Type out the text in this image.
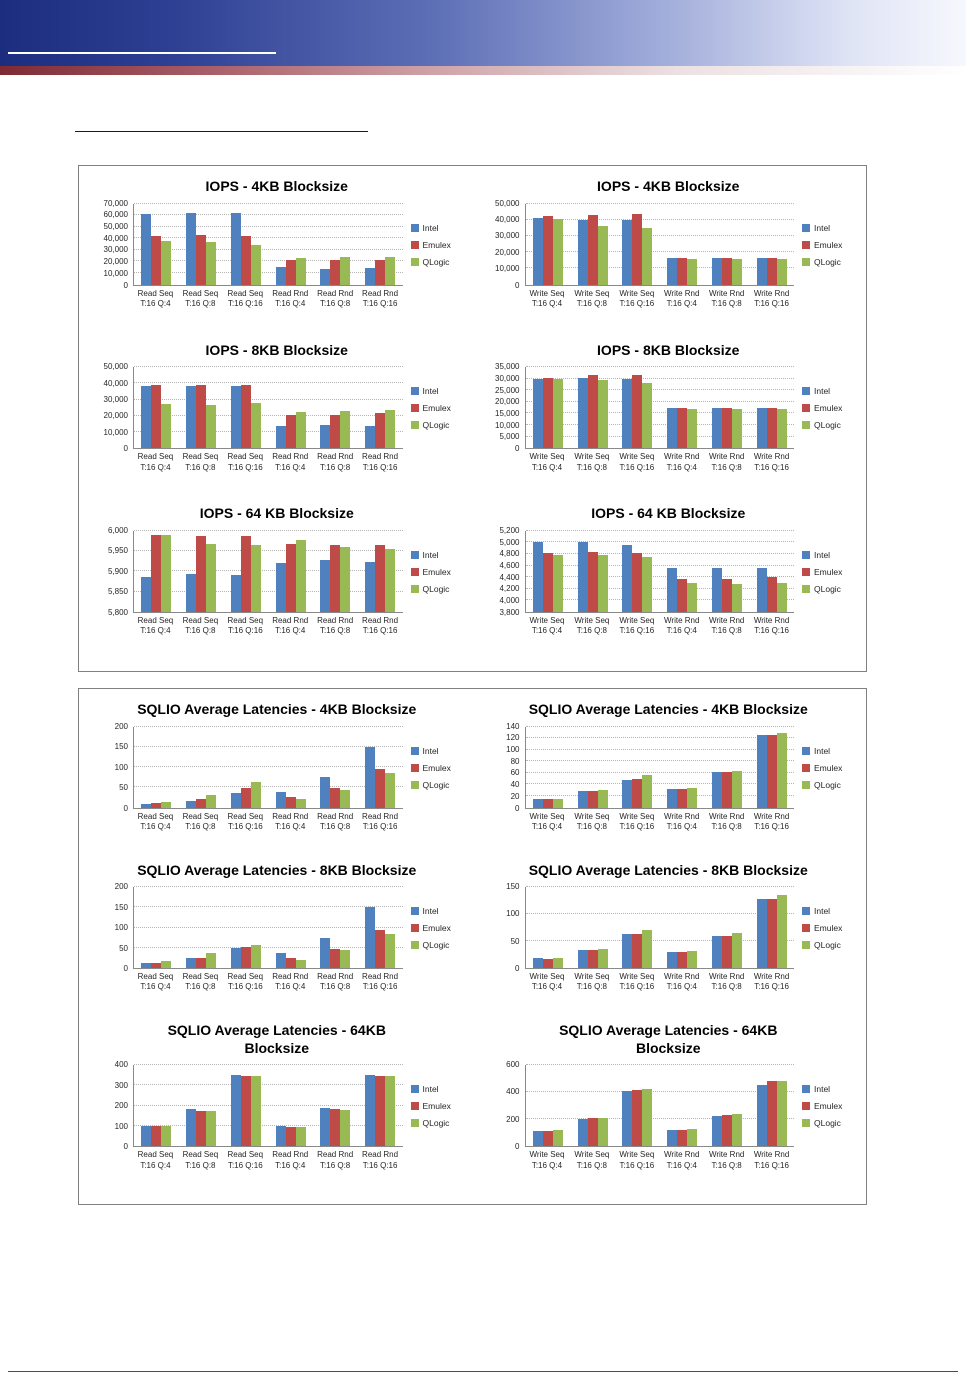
IOPS - 4KB Blocksize
0
10,000
20,000
30,000
40,000
50,000
60,000
70,000
Intel
Emulex
QLogic
Read Seq
T:16 Q:4
Read Seq
T:16 Q:8
Read Seq
T:16 Q:16
Read Rnd
T:16 Q:4
Read Rnd
T:16 Q:8
Read Rnd
T:16 Q:16
IOPS - 4KB Blocksize
0
10,000
20,000
30,000
40,000
50,000
Intel
Emulex
QLogic
Write Seq
T:16 Q:4
Write Seq
T:16 Q:8
Write Seq
T:16 Q:16
Write Rnd
T:16 Q:4
Write Rnd
T:16 Q:8
Write Rnd
T:16 Q:16
IOPS - 8KB Blocksize
0
10,000
20,000
30,000
40,000
50,000
Intel
Emulex
QLogic
Read Seq
T:16 Q:4
Read Seq
T:16 Q:8
Read Seq
T:16 Q:16
Read Rnd
T:16 Q:4
Read Rnd
T:16 Q:8
Read Rnd
T:16 Q:16
IOPS - 8KB Blocksize
0
5,000
10,000
15,000
20,000
25,000
30,000
35,000
Intel
Emulex
QLogic
Write Seq
T:16 Q:4
Write Seq
T:16 Q:8
Write Seq
T:16 Q:16
Write Rnd
T:16 Q:4
Write Rnd
T:16 Q:8
Write Rnd
T:16 Q:16
IOPS - 64 KB Blocksize
5,800
5,850
5,900
5,950
6,000
Intel
Emulex
QLogic
Read Seq
T:16 Q:4
Read Seq
T:16 Q:8
Read Seq
T:16 Q:16
Read Rnd
T:16 Q:4
Read Rnd
T:16 Q:8
Read Rnd
T:16 Q:16
IOPS - 64 KB Blocksize
3,800
4,000
4,200
4,400
4,600
4,800
5,000
5,200
Intel
Emulex
QLogic
Write Seq
T:16 Q:4
Write Seq
T:16 Q:8
Write Seq
T:16 Q:16
Write Rnd
T:16 Q:4
Write Rnd
T:16 Q:8
Write Rnd
T:16 Q:16
SQLIO Average Latencies - 4KB Blocksize
0
50
100
150
200
Intel
Emulex
QLogic
Read Seq
T:16 Q:4
Read Seq
T:16 Q:8
Read Seq
T:16 Q:16
Read Rnd
T:16 Q:4
Read Rnd
T:16 Q:8
Read Rnd
T:16 Q:16
SQLIO Average Latencies - 4KB Blocksize
0
20
40
60
80
100
120
140
Intel
Emulex
QLogic
Write Seq
T:16 Q:4
Write Seq
T:16 Q:8
Write Seq
T:16 Q:16
Write Rnd
T:16 Q:4
Write Rnd
T:16 Q:8
Write Rnd
T:16 Q:16
SQLIO Average Latencies - 8KB Blocksize
0
50
100
150
200
Intel
Emulex
QLogic
Read Seq
T:16 Q:4
Read Seq
T:16 Q:8
Read Seq
T:16 Q:16
Read Rnd
T:16 Q:4
Read Rnd
T:16 Q:8
Read Rnd
T:16 Q:16
SQLIO Average Latencies - 8KB Blocksize
0
50
100
150
Intel
Emulex
QLogic
Write Seq
T:16 Q:4
Write Seq
T:16 Q:8
Write Seq
T:16 Q:16
Write Rnd
T:16 Q:4
Write Rnd
T:16 Q:8
Write Rnd
T:16 Q:16
SQLIO Average Latencies - 64KB
Blocksize
0
100
200
300
400
Intel
Emulex
QLogic
Read Seq
T:16 Q:4
Read Seq
T:16 Q:8
Read Seq
T:16 Q:16
Read Rnd
T:16 Q:4
Read Rnd
T:16 Q:8
Read Rnd
T:16 Q:16
SQLIO Average Latencies - 64KB
Blocksize
0
200
400
600
Intel
Emulex
QLogic
Write Seq
T:16 Q:4
Write Seq
T:16 Q:8
Write Seq
T:16 Q:16
Write Rnd
T:16 Q:4
Write Rnd
T:16 Q:8
Write Rnd
T:16 Q:16
